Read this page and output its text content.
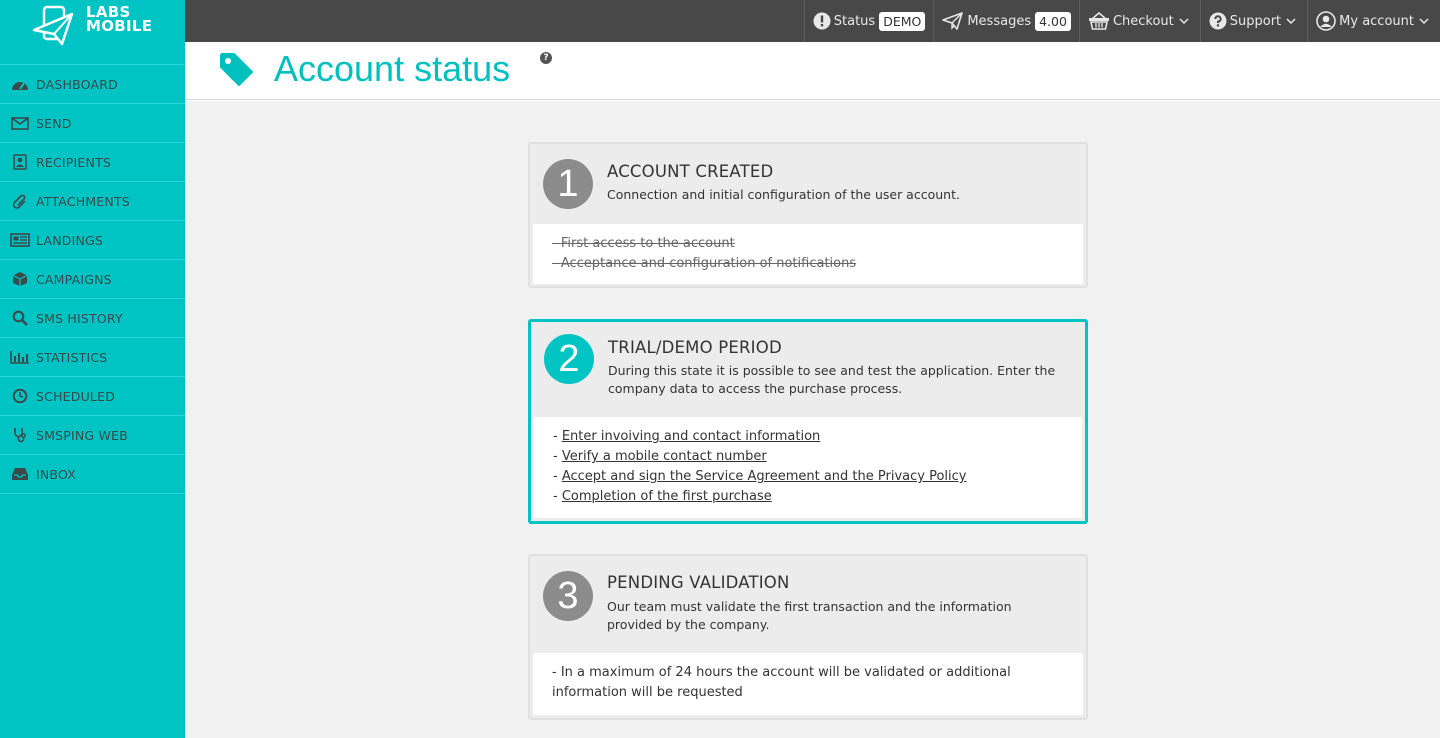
LABS
MOBILE
DASHBOARD
SEND
RECIPIENTS
ATTACHMENTS
LANDINGS
CAMPAIGNS
SMS HISTORY
STATISTICS
SCHEDULED
SMSPING WEB
INBOX
Status DEMO	Messages 4.00	Checkout	Support	My account
Account status	?
1	ACCOUNT CREATED
Connection and initial configuration of the user account.
- First access to the account
- Acceptance and configuration of notifications
2	TRIAL/DEMO PERIOD
During this state it is possible to see and test the application. Enter the company data to access the purchase process.
- Enter invoiving and contact information
- Verify a mobile contact number
- Accept and sign the Service Agreement and the Privacy Policy
- Completion of the first purchase
3	PENDING VALIDATION
Our team must validate the first transaction and the information provided by the company.
- In a maximum of 24 hours the account will be validated or additional information will be requested
